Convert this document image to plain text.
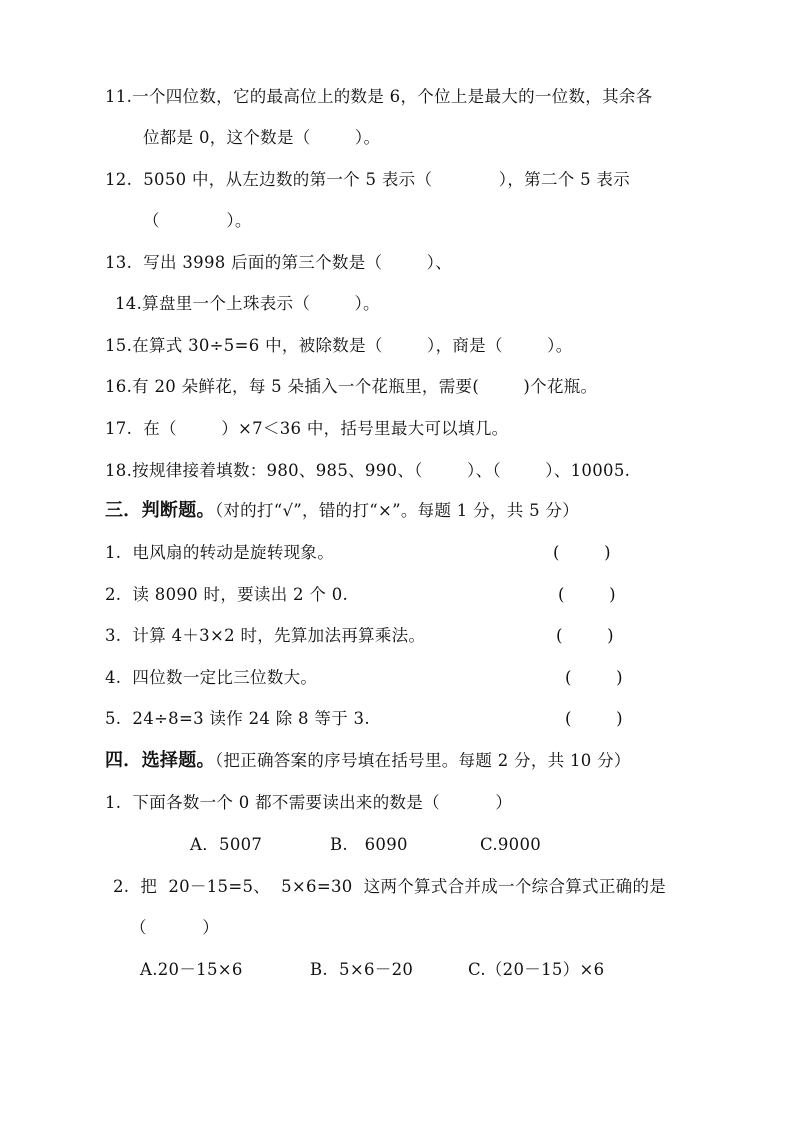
11.一个四位数，它的最高位上的数是 6，个位上是最大的一位数，其余各
位都是 0，这个数是（        ）。
12.  5050 中，从左边数的第一个 5 表示（            ），第二个 5 表示
（            ）。
13.  写出 3998 后面的第三个数是（        ）、
14.算盘里一个上珠表示（        ）。
15.在算式 30÷5=6 中，被除数是（        ），商是（        ）。
16.有 20 朵鲜花，每 5 朵插入一个花瓶里，需要(        )个花瓶。
17.  在（        ）×7＜36 中，括号里最大可以填几。
18.按规律接着填数：980、985、990、（        ）、（        ）、10005.
三．判断题。（对的打“√”，错的打“×”。每题 1 分，共 5 分）
1.  电风扇的转动是旋转现象。	(        )
2.  读 8090 时，要读出 2 个 0.	(        )
3.  计算 4＋3×2 时，先算加法再算乘法。	(        )
4.  四位数一定比三位数大。	(        )
5.  24÷8=3 读作 24 除 8 等于 3.	(        )
四．选择题。（把正确答案的序号填在括号里。每题 2 分，共 10 分）
1.  下面各数一个 0 都不需要读出来的数是（          ）
A．5007	B.   6090	C.9000
2.  把  20－15=5、  5×6=30  这两个算式合并成一个综合算式正确的是
（          ）
A.20－15×6	B.  5×6－20	C.（20－15）×6
